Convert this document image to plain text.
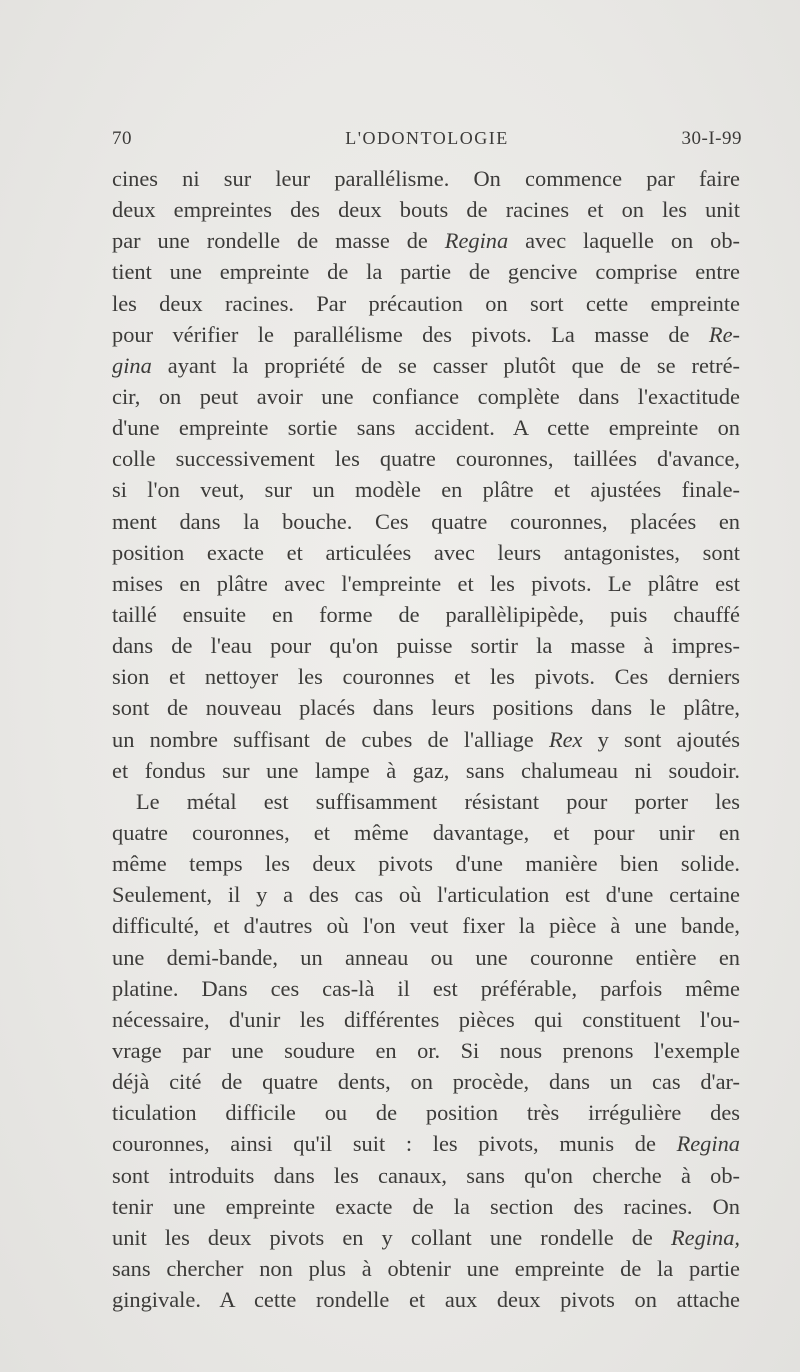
70	L'ODONTOLOGIE	30-I-99
cines ni sur leur parallélisme. On commence par faire
deux empreintes des deux bouts de racines et on les unit
par une rondelle de masse de Regina avec laquelle on ob-
tient une empreinte de la partie de gencive comprise entre
les deux racines. Par précaution on sort cette empreinte
pour vérifier le parallélisme des pivots. La masse de Re-
gina ayant la propriété de se casser plutôt que de se retré-
cir, on peut avoir une confiance complète dans l'exactitude
d'une empreinte sortie sans accident. A cette empreinte on
colle successivement les quatre couronnes, taillées d'avance,
si l'on veut, sur un modèle en plâtre et ajustées finale-
ment dans la bouche. Ces quatre couronnes, placées en
position exacte et articulées avec leurs antagonistes, sont
mises en plâtre avec l'empreinte et les pivots. Le plâtre est
taillé ensuite en forme de parallèlipipède, puis chauffé
dans de l'eau pour qu'on puisse sortir la masse à impres-
sion et nettoyer les couronnes et les pivots. Ces derniers
sont de nouveau placés dans leurs positions dans le plâtre,
un nombre suffisant de cubes de l'alliage Rex y sont ajoutés
et fondus sur une lampe à gaz, sans chalumeau ni soudoir.
Le métal est suffisamment résistant pour porter les
quatre couronnes, et même davantage, et pour unir en
même temps les deux pivots d'une manière bien solide.
Seulement, il y a des cas où l'articulation est d'une certaine
difficulté, et d'autres où l'on veut fixer la pièce à une bande,
une demi-bande, un anneau ou une couronne entière en
platine. Dans ces cas-là il est préférable, parfois même
nécessaire, d'unir les différentes pièces qui constituent l'ou-
vrage par une soudure en or. Si nous prenons l'exemple
déjà cité de quatre dents, on procède, dans un cas d'ar-
ticulation difficile ou de position très irrégulière des
couronnes, ainsi qu'il suit : les pivots, munis de Regina
sont introduits dans les canaux, sans qu'on cherche à ob-
tenir une empreinte exacte de la section des racines. On
unit les deux pivots en y collant une rondelle de Regina,
sans chercher non plus à obtenir une empreinte de la partie
gingivale. A cette rondelle et aux deux pivots on attache
